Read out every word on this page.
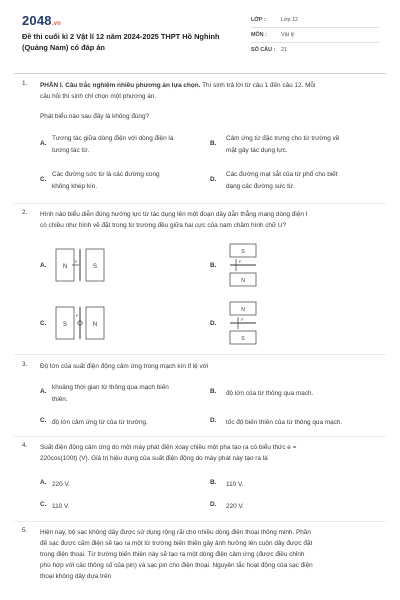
2048.vn
Đề thi cuối kì 2 Vật lí 12 năm 2024-2025 THPT Hồ Nghinh (Quảng Nam) có đáp án
LỚP :	Lớp 12
MÔN :	Vật lý
SỐ CÂU : 21
1. PHẦN I. Câu trắc nghiệm nhiều phương án lựa chọn. Thí sinh trả lời từ câu 1 đến câu 12. Mỗi
câu hỏi thí sinh chỉ chọn một phương án.
Phát biểu nào sau đây là không đúng?
A.
Tương tác giữa dòng điện với dòng điện là
tương tác từ.
B.
Cảm ứng từ đặc trưng cho từ trường về
mặt gây tác dụng lực.
C.
Các đường sức từ là các đường cong
không khép kín.
D.
Các đường mạt sắt của từ phổ cho biết
dạng các đường sức từ.
2. Hình nào biểu diễn đúng hướng lực từ tác dụng lên một đoạn dây dẫn thẳng mang dòng điện I
có chiều như hình vẽ đặt trong từ trường đều giữa hai cực của nam châm hình chữ U?
A.	N	S
F
B.
S
N
F
C.	S	N
F
D.
N
S
F
3. Độ lớn của suất điện động cảm ứng trong mạch kín tỉ lệ với
A.
khoảng thời gian từ thông qua mạch biến
thiên.
B. độ lớn của từ thông qua mạch.
C. độ lớn cảm ứng từ của từ trường.	D. tốc độ biến thiên của từ thông qua mạch.
4. Suất điện động cảm ứng do một máy phát điện xoay chiều một pha tạo ra có biểu thức e =
220cos(100t) (V). Giá trị hiệu dụng của suất điện động do máy phát này tạo ra là
A. 220 V.	B. 110 V.
C. 110 V.	D. 220 V.
5. Hiện nay, bộ sạc không dây được sử dụng rộng rãi cho nhiều dòng điện thoại thông minh. Phần
đế sạc được cấm điện sẽ tạo ra một từ trường biến thiên gây ảnh hưởng lên cuộn dây được đặt
trong điện thoại. Từ trường biến thiên này sẽ tạo ra một dòng điện cảm ứng (được điều chỉnh
phù hợp với các thông số của pin) và sạc pin cho điện thoại. Nguyên tắc hoạt động của sạc điện
thoại không dây dựa trên
